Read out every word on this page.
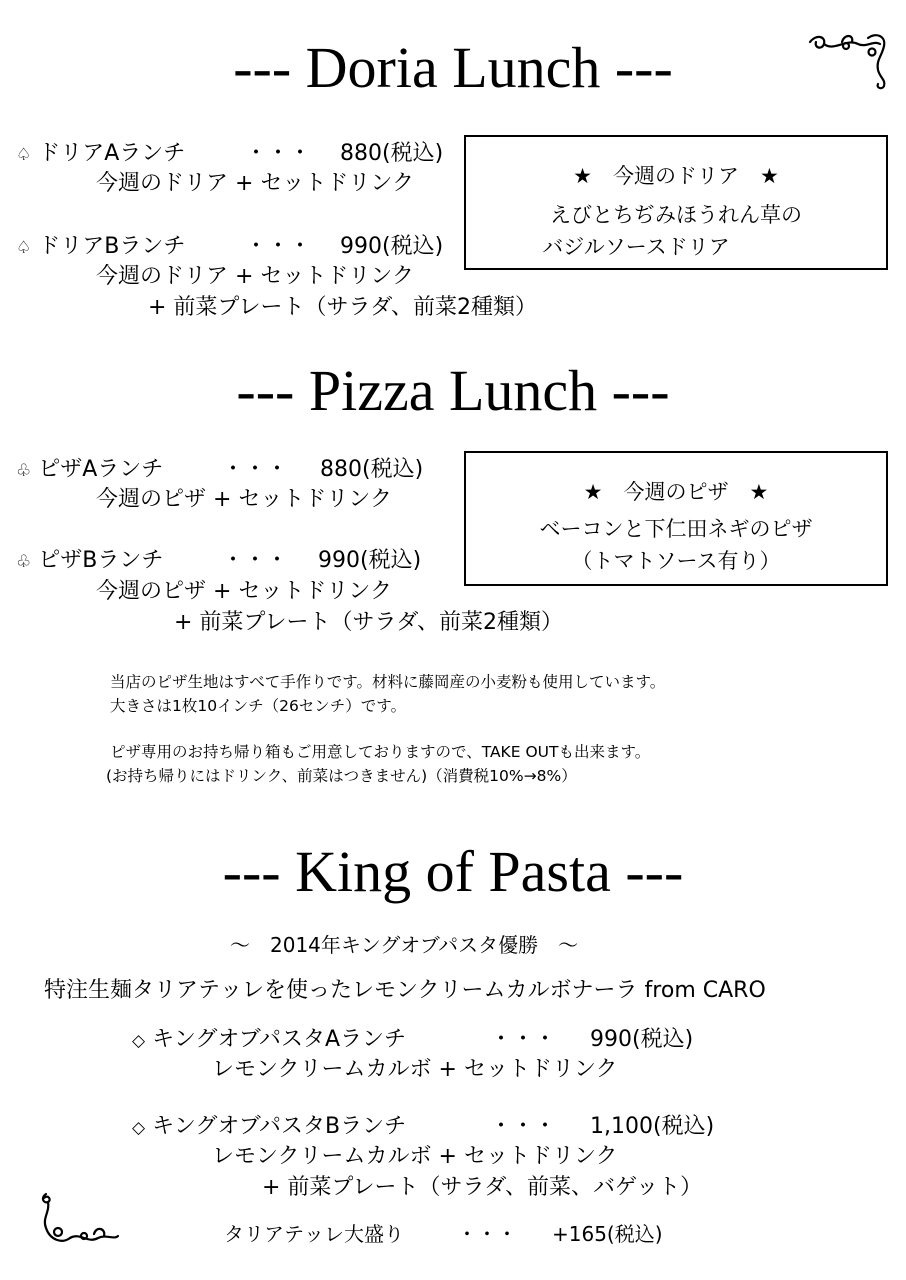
--- Doria Lunch ---
♤ ドリアAランチ	・・・ 880(税込)
今週のドリア + セットドリンク
♤ ドリアBランチ	・・・ 990(税込)
今週のドリア + セットドリンク
+ 前菜プレート（サラダ、前菜2種類）
★　今週のドリア　★
えびとちぢみほうれん草の
バジルソースドリア
--- Pizza Lunch ---
♧ ピザAランチ	・・・ 880(税込)
今週のピザ + セットドリンク
♧ ピザBランチ	・・・ 990(税込)
今週のピザ + セットドリンク
+ 前菜プレート（サラダ、前菜2種類）
★　今週のピザ　★
ベーコンと下仁田ネギのピザ
（トマトソース有り）
当店のピザ生地はすべて手作りです。材料に藤岡産の小麦粉も使用しています。
大きさは1枚10インチ（26センチ）です。
ピザ専用のお持ち帰り箱もご用意しておりますので、TAKE OUTも出来ます。
(お持ち帰りにはドリンク、前菜はつきません)（消費税10%→8%）
--- King of Pasta ---
～　2014年キングオブパスタ優勝　～
特注生麺タリアテッレを使ったレモンクリームカルボナーラ from CARO
◇ キングオブパスタAランチ	・・・ 990(税込)
レモンクリームカルボ + セットドリンク
◇ キングオブパスタBランチ	・・・ 1,100(税込)
レモンクリームカルボ + セットドリンク
+ 前菜プレート（サラダ、前菜、バゲット）
タリアテッレ大盛り	・・・ +165(税込)
